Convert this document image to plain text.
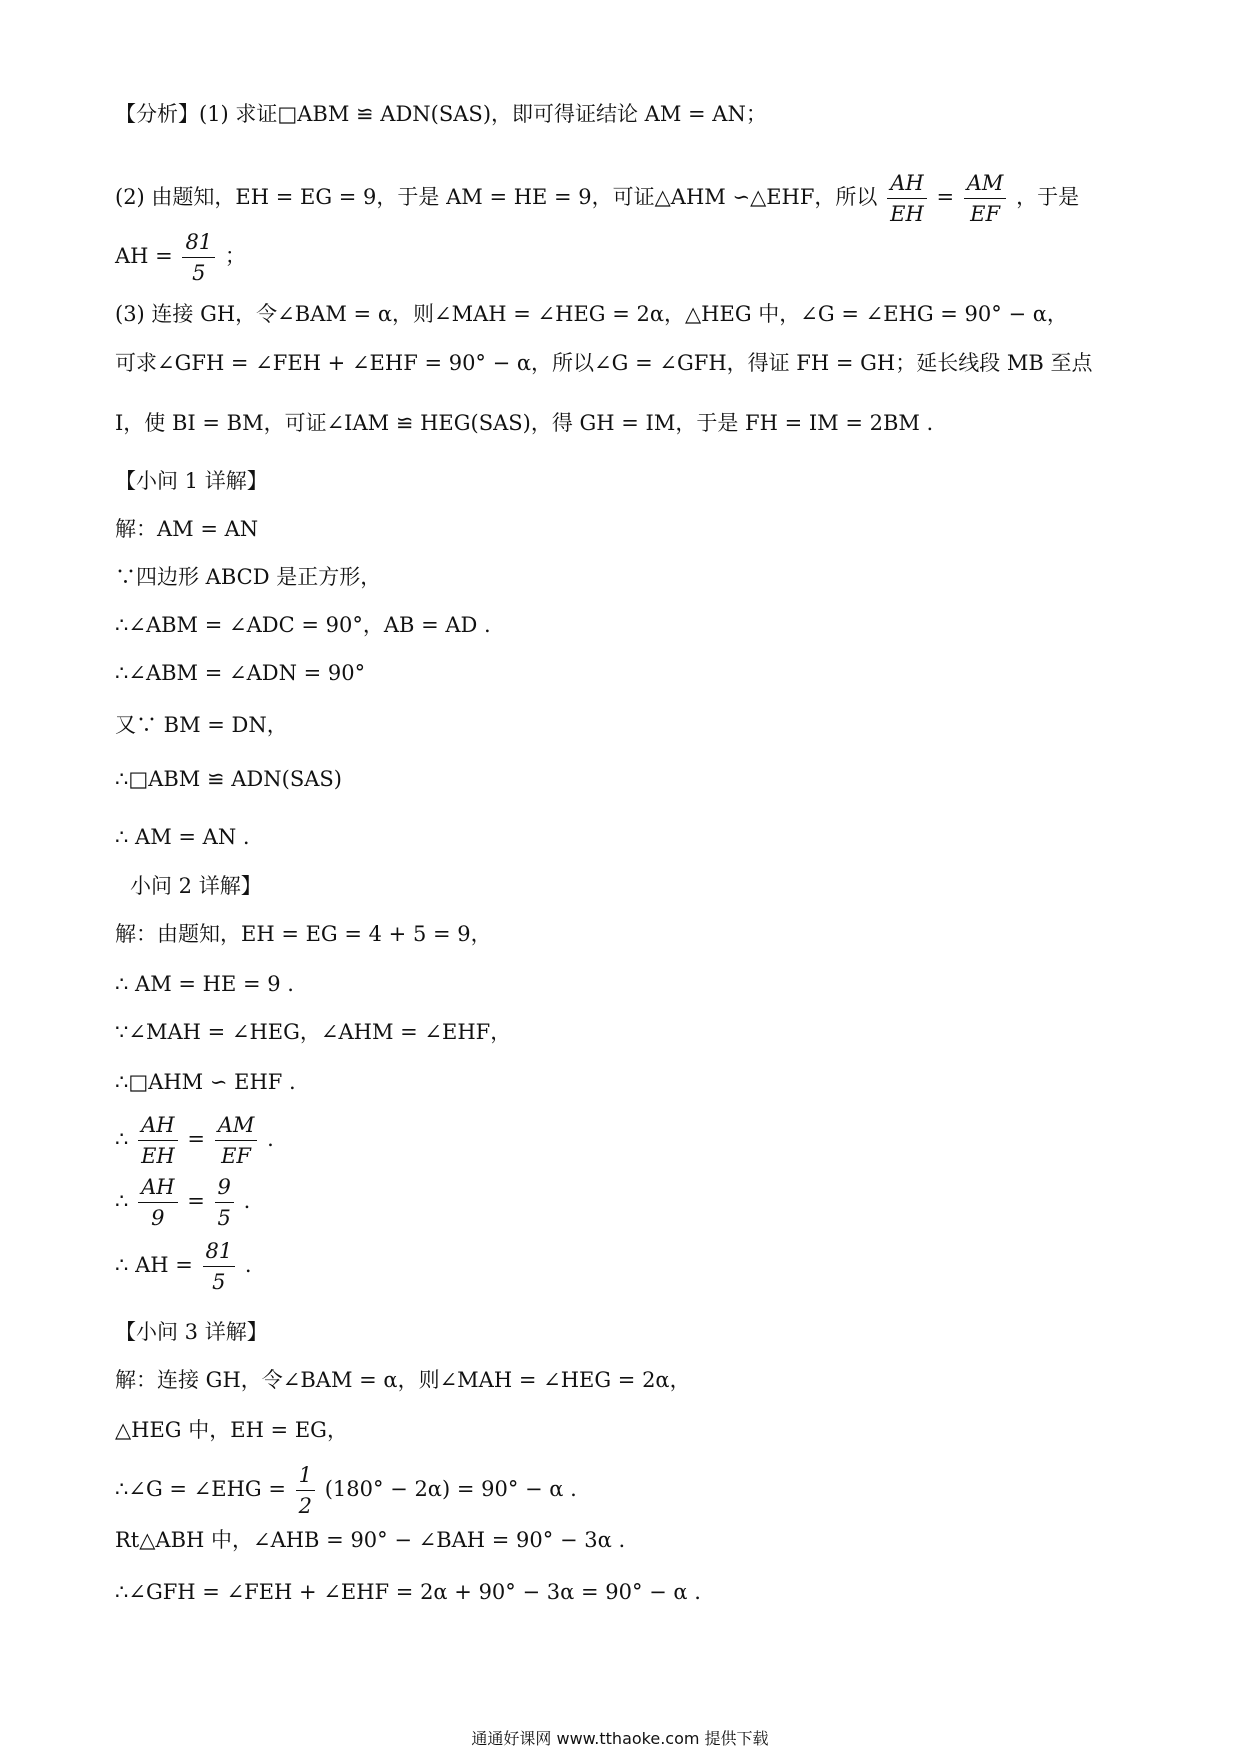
【分析】(1) 求证□ABM ≌ ADN(SAS)，即可得证结论 AM = AN；
(2) 由题知，EH = EG = 9，于是 AM = HE = 9，可证△AHM ∽△EHF，所以 $\frac{AH}{EH} = \frac{AM}{EF}$ ，于是
AH = $\frac{81}{5}$ ；
(3) 连接 GH，令∠BAM = α，则∠MAH = ∠HEG = 2α，△HEG 中，∠G = ∠EHG = 90° − α，
可求∠GFH = ∠FEH + ∠EHF = 90° − α，所以∠G = ∠GFH，得证 FH = GH；延长线段 MB 至点
I，使 BI = BM，可证∠IAM ≌ HEG(SAS)，得 GH = IM，于是 FH = IM = 2BM .
【小问 1 详解】
解：AM = AN
∵四边形 ABCD 是正方形，
∴∠ABM = ∠ADC = 90°，AB = AD .
∴∠ABM = ∠ADN = 90°
又∵ BM = DN，
∴□ABM ≌ ADN(SAS)
∴ AM = AN .
小问 2 详解】
解：由题知，EH = EG = 4 + 5 = 9，
∴ AM = HE = 9 .
∵∠MAH = ∠HEG，∠AHM = ∠EHF，
∴□AHM ∽ EHF .
∴ $\frac{AH}{EH} = \frac{AM}{EF}$ .
∴ $\frac{AH}{9} = \frac{9}{5}$ .
∴ AH = $\frac{81}{5}$ .
【小问 3 详解】
解：连接 GH，令∠BAM = α，则∠MAH = ∠HEG = 2α，
△HEG 中，EH = EG，
∴∠G = ∠EHG = $\frac{1}{2} (180^\circ - 2\alpha) = 90^\circ - \alpha$ .
Rt△ABH 中，∠AHB = 90° − ∠BAH = 90° − 3α .
∴∠GFH = ∠FEH + ∠EHF = 2α + 90° − 3α = 90° − α .
通通好课网 www.tthaoke.com 提供下载
